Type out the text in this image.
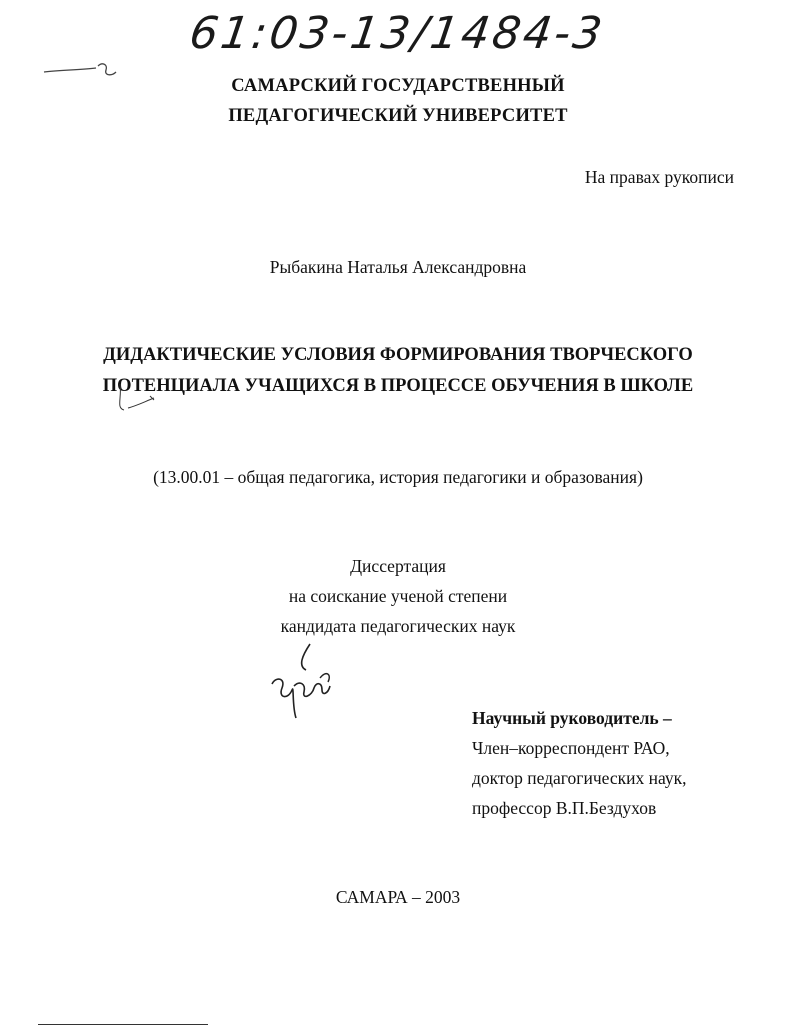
61:03-13/1484-3
САМАРСКИЙ ГОСУДАРСТВЕННЫЙ
ПЕДАГОГИЧЕСКИЙ УНИВЕРСИТЕТ
На правах рукописи
Рыбакина Наталья Александровна
ДИДАКТИЧЕСКИЕ УСЛОВИЯ ФОРМИРОВАНИЯ ТВОРЧЕСКОГО
ПОТЕНЦИАЛА УЧАЩИХСЯ В ПРОЦЕССЕ ОБУЧЕНИЯ В ШКОЛЕ
(13.00.01 – общая педагогика, история педагогики и образования)
Диссертация
на соискание ученой степени
кандидата педагогических наук
Научный руководитель –
Член–корреспондент РАО,
доктор педагогических наук,
профессор В.П.Бездухов
САМАРА – 2003
